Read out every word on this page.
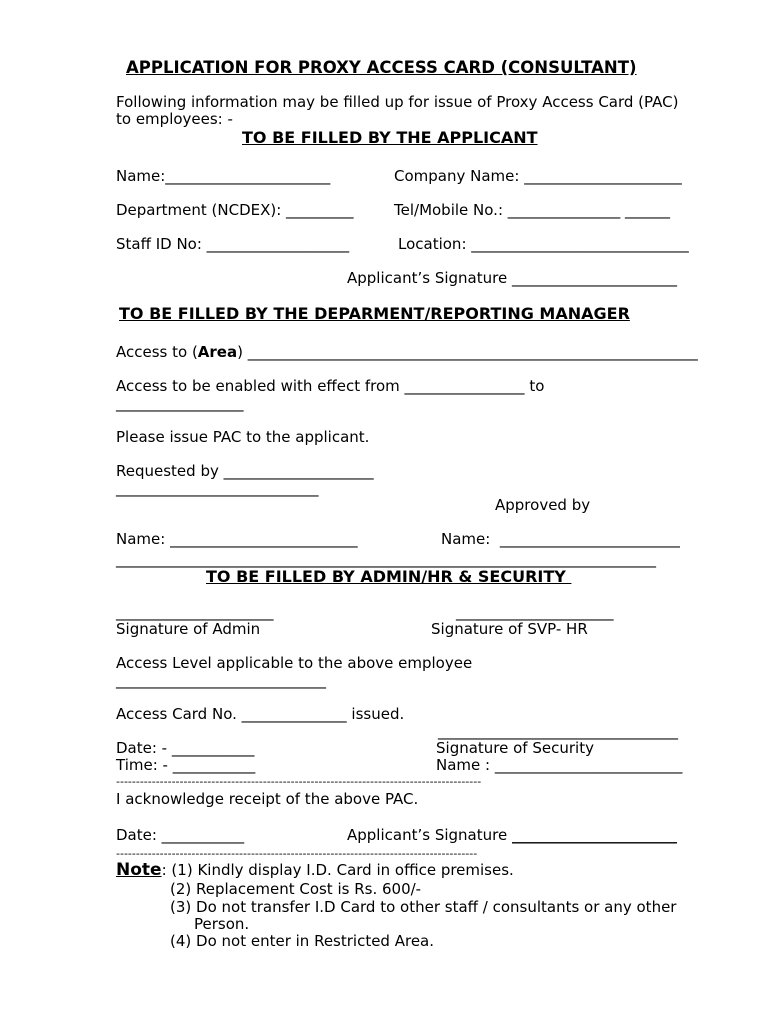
APPLICATION FOR PROXY ACCESS CARD (CONSULTANT)
Following information may be filled up for issue of Proxy Access Card (PAC)
to employees: -
TO BE FILLED BY THE APPLICANT
Name:______________________	Company Name: _____________________
Department (NCDEX): _________	Tel/Mobile No.: _______________ ______
Staff ID No: ___________________	Location: _____________________________
Applicant’s Signature ______________________
TO BE FILLED BY THE DEPARMENT/REPORTING MANAGER
Access to (Area) ____________________________________________________________
Access to be enabled with effect from ________________ to
_________________
Please issue PAC to the applicant.
Requested by ____________________
___________________________
Approved by
Name: _________________________	Name:  ________________________
________________________________________________________________________
TO BE FILLED BY ADMIN/HR & SECURITY
_____________________	_____________________
Signature of Admin	Signature of SVP- HR
Access Level applicable to the above employee
____________________________
Access Card No. ______________ issued.
________________________________
Date: - ___________	Signature of Security
Time: - ___________	Name : _________________________
--------------------------------------------------------------------------------------------
I acknowledge receipt of the above PAC.
Date: ___________	Applicant’s Signature ______________________
-------------------------------------------------------------------------------------------
Note: (1) Kindly display I.D. Card in office premises.
(2) Replacement Cost is Rs. 600/-
(3) Do not transfer I.D Card to other staff / consultants or any other
Person.
(4) Do not enter in Restricted Area.
